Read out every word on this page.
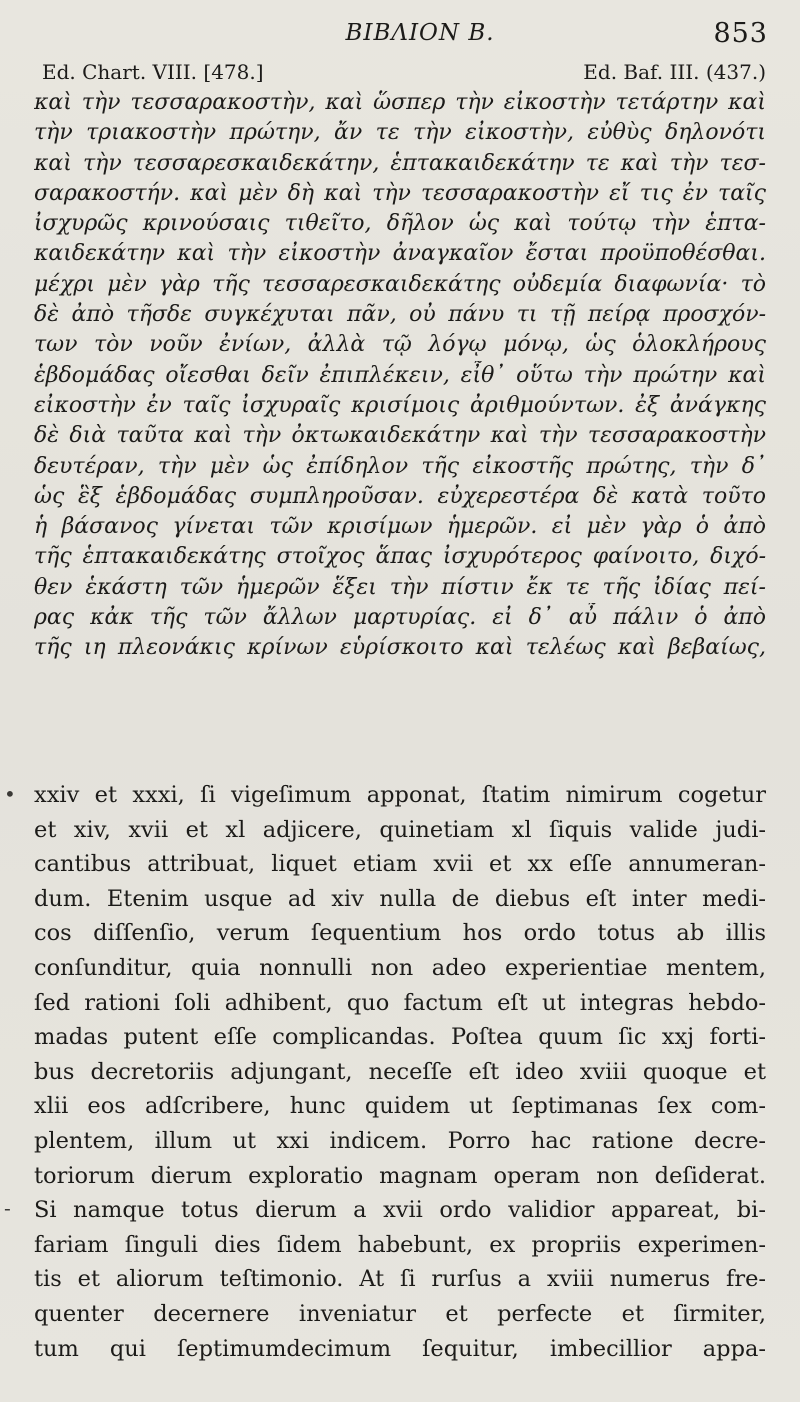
ΒΙΒΛΙΟΝ Β.	853
Ed. Chart. VIII. [478.]	Ed. Baf. III. (437.)
καὶ τὴν τεσσαρακοστὴν, καὶ ὥσπερ τὴν εἰκοστὴν τετάρτην καὶ
τὴν τριακοστὴν πρώτην, ἄν τε τὴν εἰκοστὴν, εὐθὺς δηλονότι
καὶ τὴν τεσσαρεσκαιδεκάτην, ἑπτακαιδεκάτην τε καὶ τὴν τεσ-
σαρακοστήν. καὶ μὲν δὴ καὶ τὴν τεσσαρακοστὴν εἴ τις ἐν ταῖς
ἰσχυρῶς κρινούσαις τιθεῖτο, δῆλον ὡς καὶ τούτῳ τὴν ἑπτα-
καιδεκάτην καὶ τὴν εἰκοστὴν ἀναγκαῖον ἔσται προϋποθέσθαι.
μέχρι μὲν γὰρ τῆς τεσσαρεσκαιδεκάτης οὐδεμία διαφωνία· τὸ
δὲ ἀπὸ τῆσδε συγκέχυται πᾶν, οὐ πάνυ τι τῇ πείρᾳ προσχόν-
των τὸν νοῦν ἐνίων, ἀλλὰ τῷ λόγῳ μόνῳ, ὡς ὁλοκλήρους
ἑβδομάδας οἴεσθαι δεῖν ἐπιπλέκειν, εἶθ᾽ οὕτω τὴν πρώτην καὶ
εἰκοστὴν ἐν ταῖς ἰσχυραῖς κρισίμοις ἀριθμούντων. ἐξ ἀνάγκης
δὲ διὰ ταῦτα καὶ τὴν ὀκτωκαιδεκάτην καὶ τὴν τεσσαρακοστὴν
δευτέραν, τὴν μὲν ὡς ἐπίδηλον τῆς εἰκοστῆς πρώτης, τὴν δ᾽
ὡς ἓξ ἑβδομάδας συμπληροῦσαν. εὐχερεστέρα δὲ κατὰ τοῦτο
ἡ βάσανος γίνεται τῶν κρισίμων ἡμερῶν. εἰ μὲν γὰρ ὁ ἀπὸ
τῆς ἑπτακαιδεκάτης στοῖχος ἅπας ἰσχυρότερος φαίνοιτο, διχό-
θεν ἑκάστη τῶν ἡμερῶν ἕξει τὴν πίστιν ἔκ τε τῆς ἰδίας πεί-
ρας κἀκ τῆς τῶν ἄλλων μαρτυρίας. εἰ δ᾽ αὖ πάλιν ὁ ἀπὸ
τῆς ιη πλεονάκις κρίνων εὑρίσκοιτο καὶ τελέως καὶ βεβαίως,
•
-
xxiv et xxxi, ſi vigeſimum apponat, ſtatim nimirum cogetur
et xiv, xvii et xl adjicere, quinetiam xl ſiquis valide judi-
cantibus attribuat, liquet etiam xvii et xx eſſe annumeran-
dum. Etenim usque ad xiv nulla de diebus eſt inter medi-
cos diſſenſio, verum ſequentium hos ordo totus ab illis
conſunditur, quia nonnulli non adeo experientiae mentem,
ſed rationi ſoli adhibent, quo factum eſt ut integras hebdo-
madas putent eſſe complicandas. Poſtea quum ſic xxj forti-
bus decretoriis adjungant, neceſſe eſt ideo xviii quoque et
xlii eos adſcribere, hunc quidem ut ſeptimanas ſex com-
plentem, illum ut xxi indicem. Porro hac ratione decre-
toriorum dierum exploratio magnam operam non deſiderat.
Si namque totus dierum a xvii ordo validior appareat, bi-
fariam ſinguli dies ſidem habebunt, ex propriis experimen-
tis et aliorum teſtimonio. At ſi rurſus a xviii numerus fre-
quenter decernere inveniatur et perfecte et ſirmiter,
tum qui ſeptimumdecimum ſequitur, imbecillior appa-
